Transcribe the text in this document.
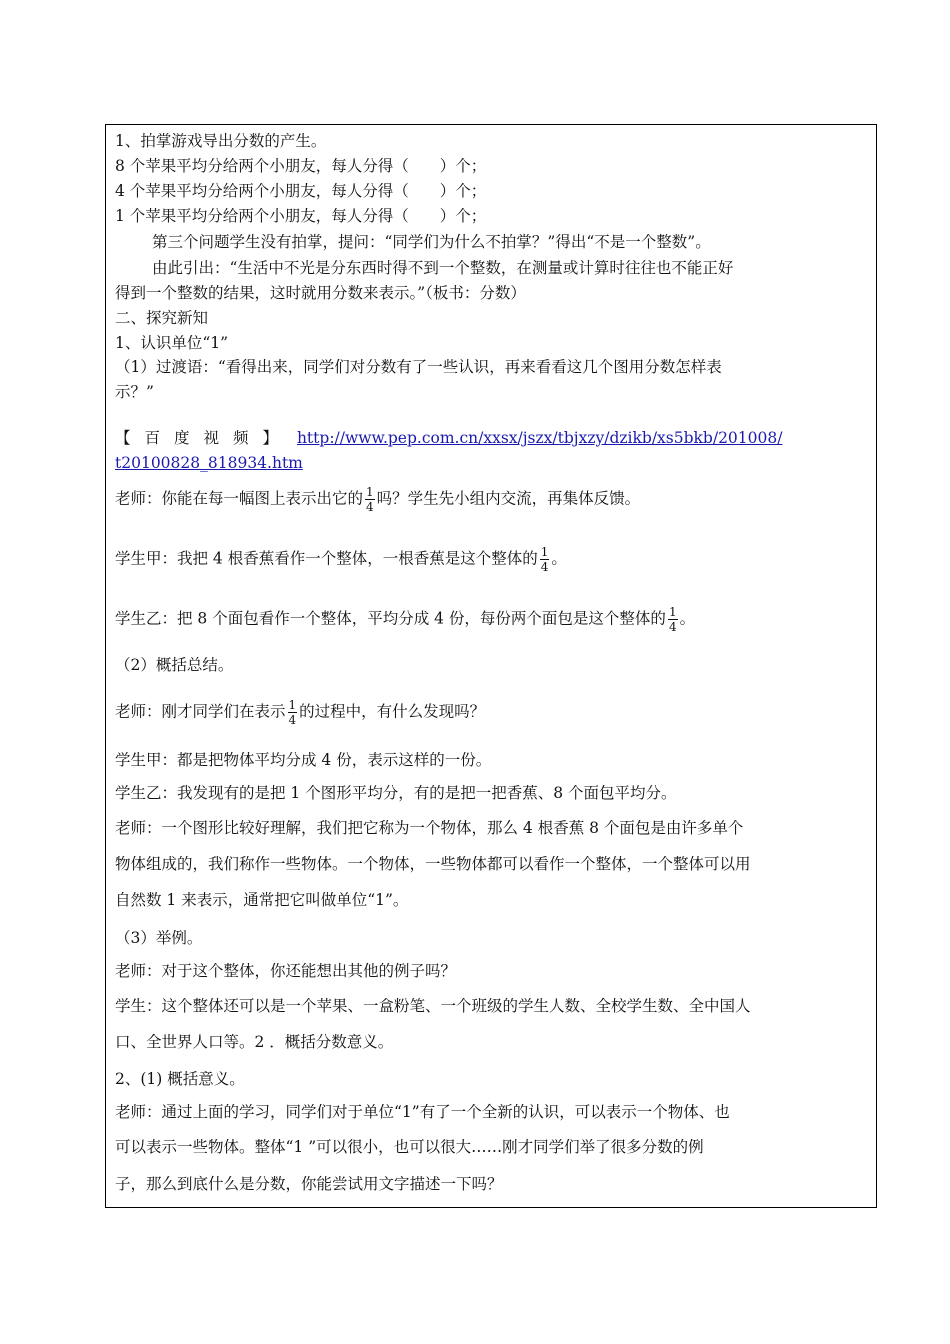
1、拍掌游戏导出分数的产生。
8 个苹果平均分给两个小朋友，每人分得（　　）个；
4 个苹果平均分给两个小朋友，每人分得（　　）个；
1 个苹果平均分给两个小朋友，每人分得（　　）个；
第三个问题学生没有拍掌，提问：“同学们为什么不拍掌？”得出“不是一个整数”。
由此引出：“生活中不光是分东西时得不到一个整数，在测量或计算时往往也不能正好
得到一个整数的结果，这时就用分数来表示。”（板书：分数）
二、探究新知
1、认识单位“1”
（1）过渡语：“看得出来，同学们对分数有了一些认识，再来看看这几个图用分数怎样表
示？”
【百度视频】 http://www.pep.com.cn/xxsx/jszx/tbjxzy/dzikb/xs5bkb/201008/
t20100828_818934.htm
老师：你能在每一幅图上表示出它的 $\frac{1}{4}$ 吗？学生先小组内交流，再集体反馈。
学生甲：我把 4 根香蕉看作一个整体，一根香蕉是这个整体的 $\frac{1}{4}$ 。
学生乙：把 8 个面包看作一个整体，平均分成 4 份，每份两个面包是这个整体的 $\frac{1}{4}$ 。
（2）概括总结。
老师：刚才同学们在表示 $\frac{1}{4}$ 的过程中，有什么发现吗？
学生甲：都是把物体平均分成 4 份，表示这样的一份。
学生乙：我发现有的是把 1 个图形平均分，有的是把一把香蕉、8 个面包平均分。
老师：一个图形比较好理解，我们把它称为一个物体，那么 4 根香蕉 8 个面包是由许多单个
物体组成的，我们称作一些物体。一个物体，一些物体都可以看作一个整体，一个整体可以用
自然数 1 来表示，通常把它叫做单位“1”。
（3）举例。
老师：对于这个整体，你还能想出其他的例子吗？
学生：这个整体还可以是一个苹果、一盒粉笔、一个班级的学生人数、全校学生数、全中国人
口、全世界人口等。2 ．概括分数意义。
2、(1) 概括意义。
老师：通过上面的学习，同学们对于单位“1”有了一个全新的认识，可以表示一个物体、也
可以表示一些物体。整体“1 ”可以很小，也可以很大……刚才同学们举了很多分数的例
子，那么到底什么是分数，你能尝试用文字描述一下吗？
